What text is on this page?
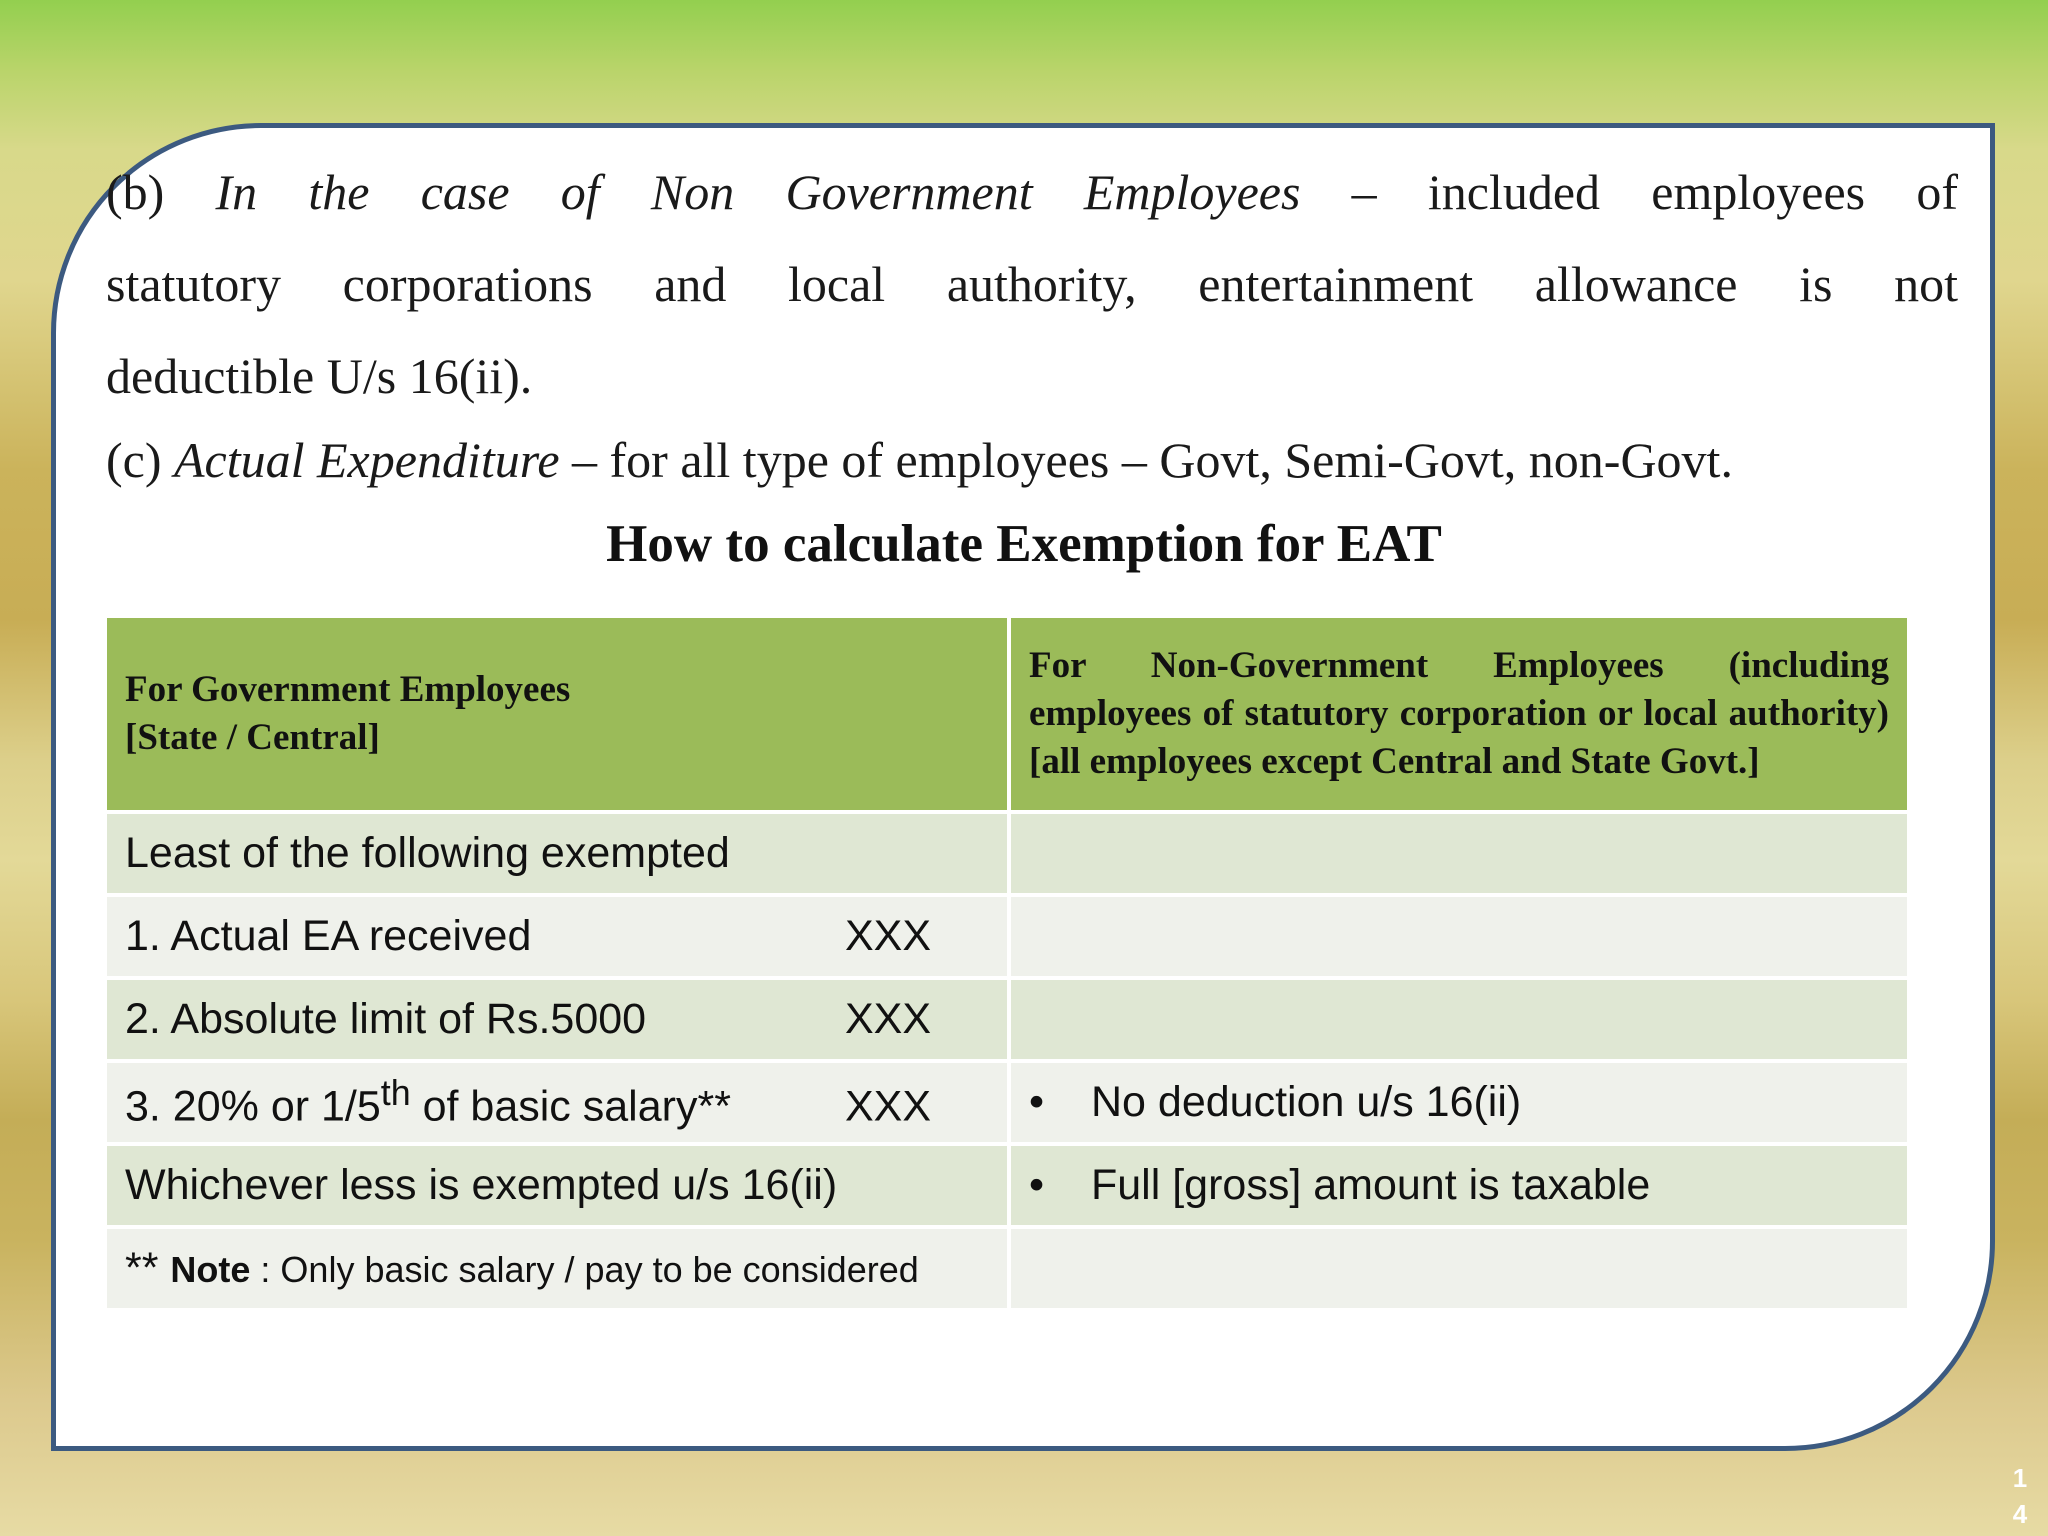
(b) In the case of Non Government Employees – included employees of
statutory corporations and local authority, entertainment allowance is not
deductible U/s 16(ii).

(c) Actual Expenditure – for all type of employees – Govt, Semi-Govt, non-Govt.

How to calculate Exemption for EAT
For Government Employees
[State / Central]	For Non-Government Employees (including employees of statutory corporation or local authority) [all employees except Central and State Govt.]
Least of the following exempted	
1. Actual EA received XXX	
2. Absolute limit of Rs.5000 XXX	
3. 20% or 1/5th of basic salary** XXX	• No deduction u/s 16(ii)
Whichever less is exempted u/s 16(ii)	• Full [gross] amount is taxable
** Note : Only basic salary / pay to be considered	
1
4
